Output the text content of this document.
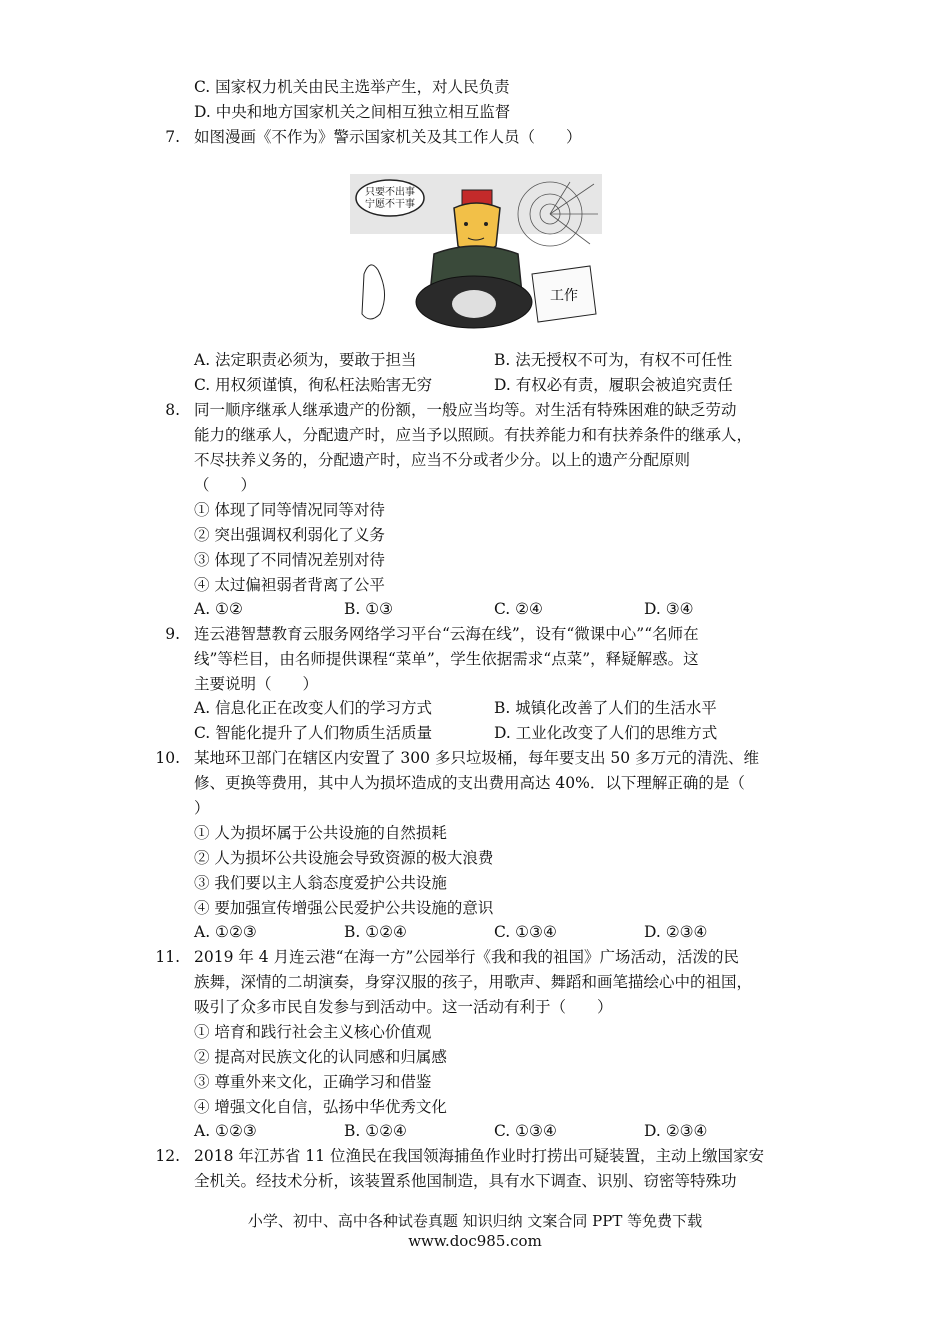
C. 国家权力机关由民主选举产生，对人民负责
D. 中央和地方国家机关之间相互独立相互监督
7. 如图漫画《不作为》警示国家机关及其工作人员（　　）
只要不出事
宁愿不干事
工作
A. 法定职责必须为，要敢于担当	B. 法无授权不可为，有权不可任性
C. 用权须谨慎，徇私枉法贻害无穷	D. 有权必有责，履职会被追究责任
8. 同一顺序继承人继承遗产的份额，一般应当均等。对生活有特殊困难的缺乏劳动
能力的继承人，分配遗产时，应当予以照顾。有扶养能力和有扶养条件的继承人，
不尽扶养义务的，分配遗产时，应当不分或者少分。以上的遗产分配原则
（　　）
① 体现了同等情况同等对待
② 突出强调权利弱化了义务
③ 体现了不同情况差别对待
④ 太过偏袒弱者背离了公平
A. ①②	B. ①③	C. ②④	D. ③④
9. 连云港智慧教育云服务网络学习平台“云海在线”，设有“微课中心”“名师在
线”等栏目，由名师提供课程“菜单”，学生依据需求“点菜”，释疑解惑。这
主要说明（　　）
A. 信息化正在改变人们的学习方式	B. 城镇化改善了人们的生活水平
C. 智能化提升了人们物质生活质量	D. 工业化改变了人们的思维方式
10. 某地环卫部门在辖区内安置了 300 多只垃圾桶，每年要支出 50 多万元的清洗、维
修、更换等费用，其中人为损坏造成的支出费用高达 40%．以下理解正确的是（
）
① 人为损坏属于公共设施的自然损耗
② 人为损坏公共设施会导致资源的极大浪费
③ 我们要以主人翁态度爱护公共设施
④ 要加强宣传增强公民爱护公共设施的意识
A. ①②③	B. ①②④	C. ①③④	D. ②③④
11. 2019 年 4 月连云港“在海一方”公园举行《我和我的祖国》广场活动，活泼的民
族舞，深情的二胡演奏，身穿汉服的孩子，用歌声、舞蹈和画笔描绘心中的祖国，
吸引了众多市民自发参与到活动中。这一活动有利于（　　）
① 培育和践行社会主义核心价值观
② 提高对民族文化的认同感和归属感
③ 尊重外来文化，正确学习和借鉴
④ 增强文化自信，弘扬中华优秀文化
A. ①②③	B. ①②④	C. ①③④	D. ②③④
12. 2018 年江苏省 11 位渔民在我国领海捕鱼作业时打捞出可疑装置，主动上缴国家安
全机关。经技术分析，该装置系他国制造，具有水下调查、识别、窃密等特殊功
小学、初中、高中各种试卷真题 知识归纳 文案合同 PPT 等免费下载
www.doc985.com
